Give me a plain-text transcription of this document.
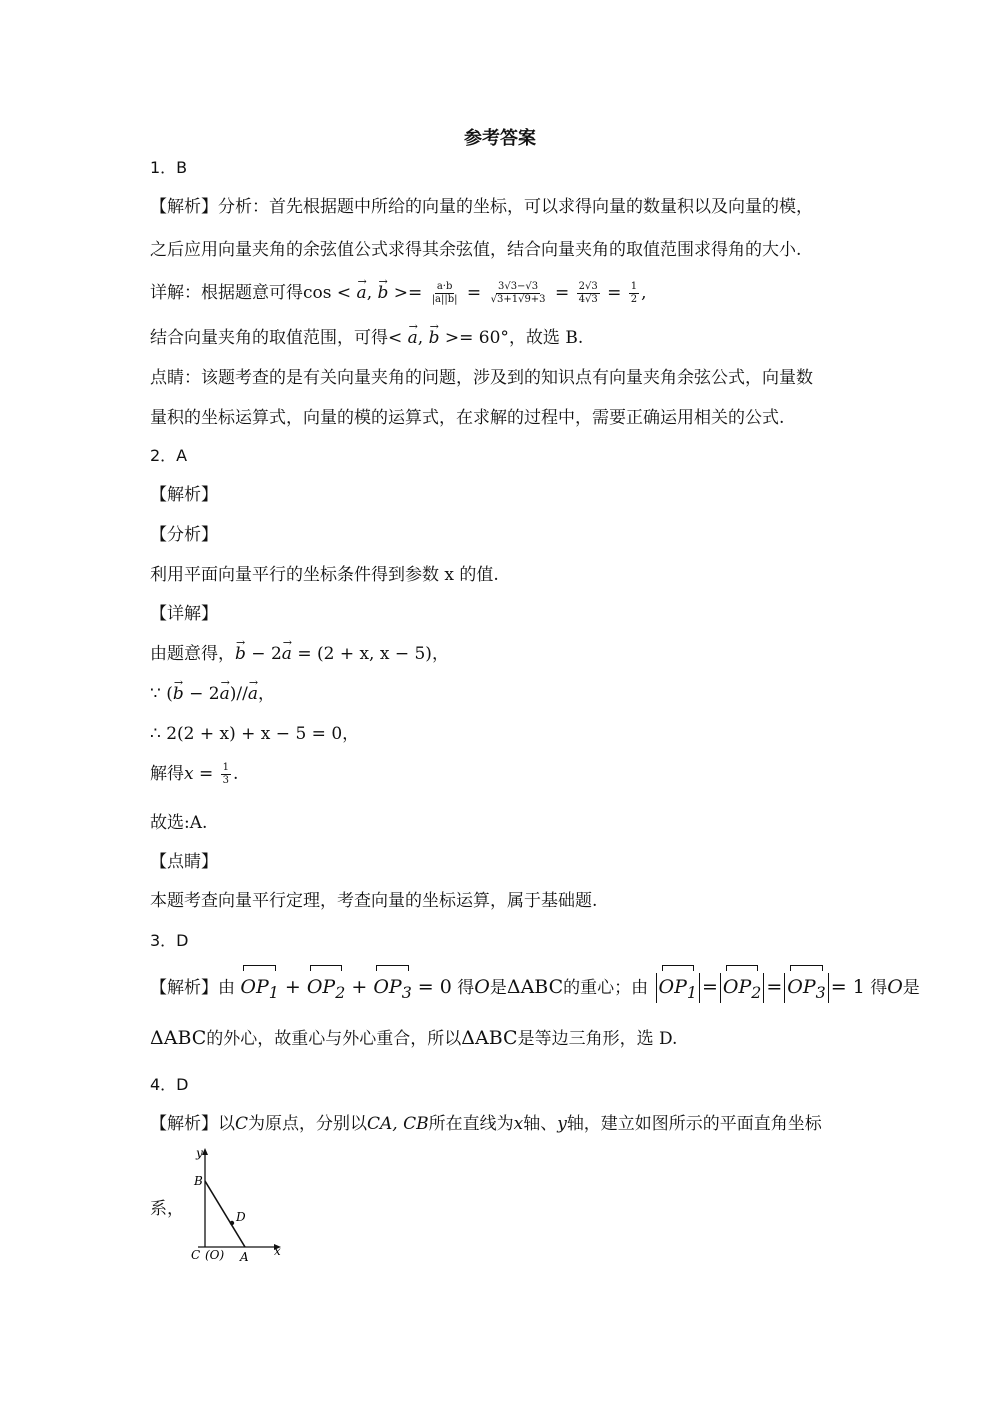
参考答案
1．B
【解析】分析：首先根据题中所给的向量的坐标，可以求得向量的数量积以及向量的模，
之后应用向量夹角的余弦值公式求得其余弦值，结合向量夹角的取值范围求得角的大小.
详解：根据题意可得cos < → a, → $b >= \frac{a\cdot b}{|a||b|} = \frac{3√3-√3}{√3+1√9+3} = \frac{2√3}{4√3} = \frac{1}{2}$ ,
结合向量夹角的取值范围，可得< → a, → b >= 60°，故选 B.
点睛：该题考查的是有关向量夹角的问题，涉及到的知识点有向量夹角余弦公式，向量数
量积的坐标运算式，向量的模的运算式，在求解的过程中，需要正确运用相关的公式.
2．A
【解析】
【分析】
利用平面向量平行的坐标条件得到参数 x 的值.
【详解】
由题意得，→ b − 2→ a = (2 + x, x − 5)，
∵ (→ b − 2→ a)//→ a，
∴ 2(2 + x) + x − 5 = 0，
解得$x = \frac{1}{3}$ .
故选:A.
【点睛】
本题考查向量平行定理，考查向量的坐标运算，属于基础题.
3．D
【解析】由 $OP_1 + OP_2 + OP_3 = 0$ 得O是ΔABC的重心；由 $OP_1 = OP_2 = OP_3 = 1$ 得O是
ΔABC的外心，故重心与外心重合，所以ΔABC是等边三角形，选 D.
4．D
【解析】以C为原点，分别以CA, CB所在直线为x轴、y轴，建立如图所示的平面直角坐标
系，
y
B
D
C (O) A x
